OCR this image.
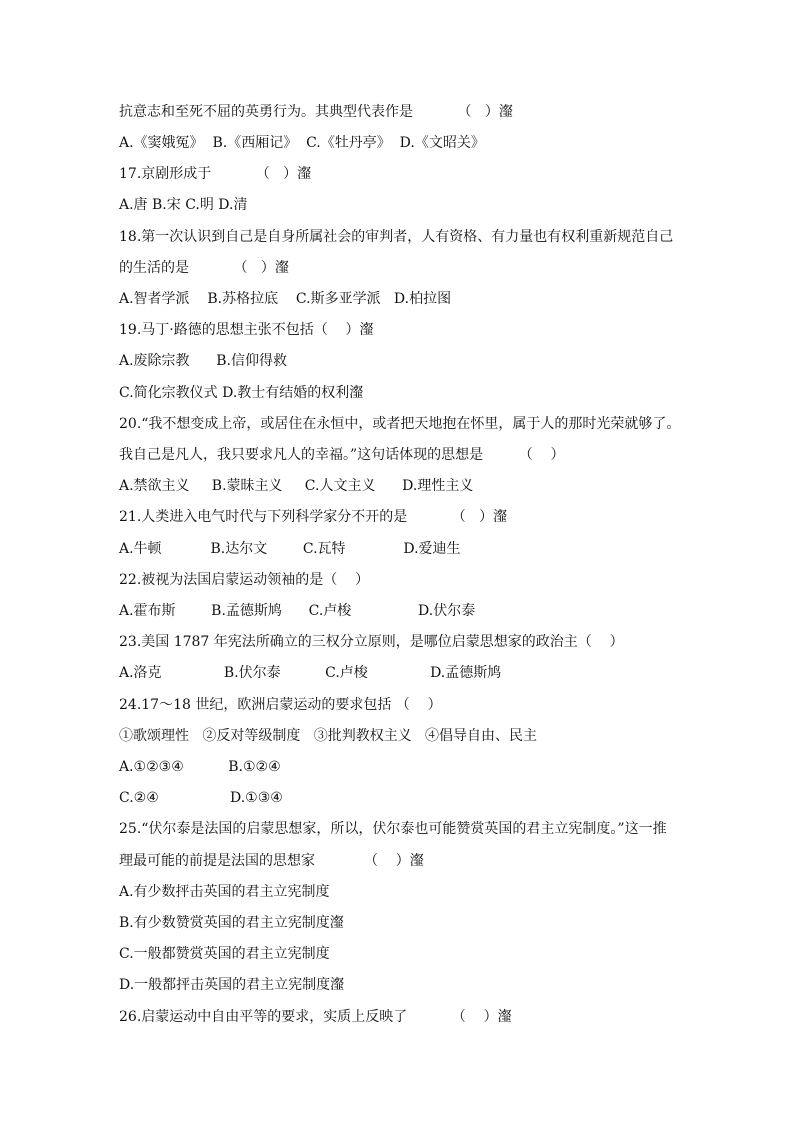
抗意志和至死不屈的英勇行为。其典型代表作是          （   ）瀣
A.《窦娥冤》  B.《西厢记》  C.《牡丹亭》  D.《文昭关》
17.京剧形成于          （   ）瀣
A.唐 B.宋 C.明 D.清
18.第一次认识到自己是自身所属社会的审判者，人有资格、有力量也有权利重新规范自己
的生活的是          （   ）瀣
A.智者学派    B.苏格拉底    C.斯多亚学派   D.柏拉图
19.马丁·路德的思想主张不包括（    ）瀣
A.废除宗教      B.信仰得救
C.简化宗教仪式 D.教士有结婚的权利瀣
20.“我不想变成上帝，或居住在永恒中，或者把天地抱在怀里，属于人的那时光荣就够了。
我自己是凡人，我只要求凡人的幸福。”这句话体现的思想是        （    ）
A.禁欲主义     B.蒙昧主义     C.人文主义      D.理性主义
21.人类进入电气时代与下列科学家分不开的是          （   ）瀣
A.牛顿           B.达尔文        C.瓦特             D.爱迪生
22.被视为法国启蒙运动领袖的是（    ）
A.霍布斯        B.孟德斯鸠      C.卢梭               D.伏尔泰
23.美国 1787 年宪法所确立的三权分立原则，是哪位启蒙思想家的政治主（    ）
A.洛克              B.伏尔泰          C.卢梭              D.孟德斯鸠
24.17～18 世纪，欧洲启蒙运动的要求包括 （    ）
①歌颂理性   ②反对等级制度   ③批判教权主义   ④倡导自由、民主
A.①②③④          B.①②④
C.②④                D.①③④
25.“伏尔泰是法国的启蒙思想家，所以，伏尔泰也可能赞赏英国的君主立宪制度。”这一推
理最可能的前提是法国的思想家           （    ）瀣
A.有少数抨击英国的君主立宪制度
B.有少数赞赏英国的君主立宪制度瀣
C.一般都赞赏英国的君主立宪制度
D.一般都抨击英国的君主立宪制度瀣
26.启蒙运动中自由平等的要求，实质上反映了          （    ）瀣
